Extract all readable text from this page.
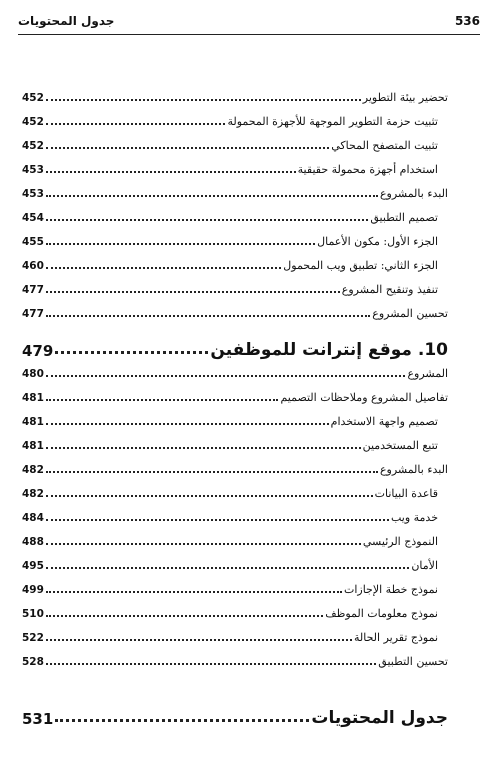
جدول المحتويات	536
452	تحضير بيئة التطوير
452	تثبيت حزمة التطوير الموجهة للأجهزة المحمولة
452	تثبيت المتصفح المحاكي
453	استخدام أجهزة محمولة حقيقية
453	البدء بالمشروع
454	تصميم التطبيق
455	الجزء الأول: مكون الأعمال
460	الجزء الثاني: تطبيق ويب المحمول
477	تنفيذ وتنقيح المشروع
477	تحسين المشروع
479	10. موقع إنترانت للموظفين
480	المشروع
481	تفاصيل المشروع وملاحظات التصميم
481	تصميم واجهة الاستخدام
481	تتبع المستخدمين
482	البدء بالمشروع
482	قاعدة البيانات
484	خدمة ويب
488	النموذج الرئيسي
495	الأمان
499	نموذج خطة الإجازات
510	نموذج معلومات الموظف
522	نموذج تقرير الحالة
528	تحسين التطبيق
531	جدول المحتويات
